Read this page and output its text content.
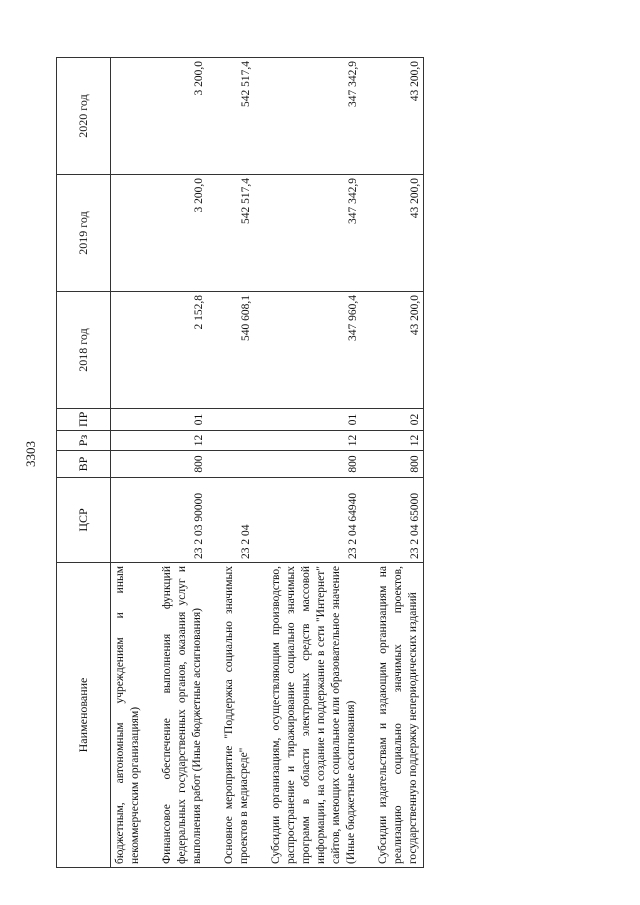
3303
Наименование	ЦСР	ВР	Рз	ПР	2018 год	2019 год	2020 год
бюджетным, автономным учреждениям и иным некоммерческим организациям)							

Финансовое обеспечение выполнения функций федеральных государственных органов, оказания услуг и выполнения работ (Иные бюджетные ассигнования)	23 2 03 90000	800	12	01	2 152,8	3 200,0	3 200,0

Основное мероприятие "Поддержка социально значимых проектов в медиасреде"	23 2 04				540 608,1	542 517,4	542 517,4

Субсидии организациям, осуществляющим производство, распространение и тиражирование социально значимых программ в области электронных средств массовой информации, на создание и поддержание в сети "Интернет" сайтов, имеющих социальное или образовательное значение (Иные бюджетные ассигнования)	23 2 04 64940	800	12	01	347 960,4	347 342,9	347 342,9

Субсидии издательствам и издающим организациям на реализацию социально значимых проектов, государственную поддержку непериодических изданий	23 2 04 65000	800	12	02	43 200,0	43 200,0	43 200,0
